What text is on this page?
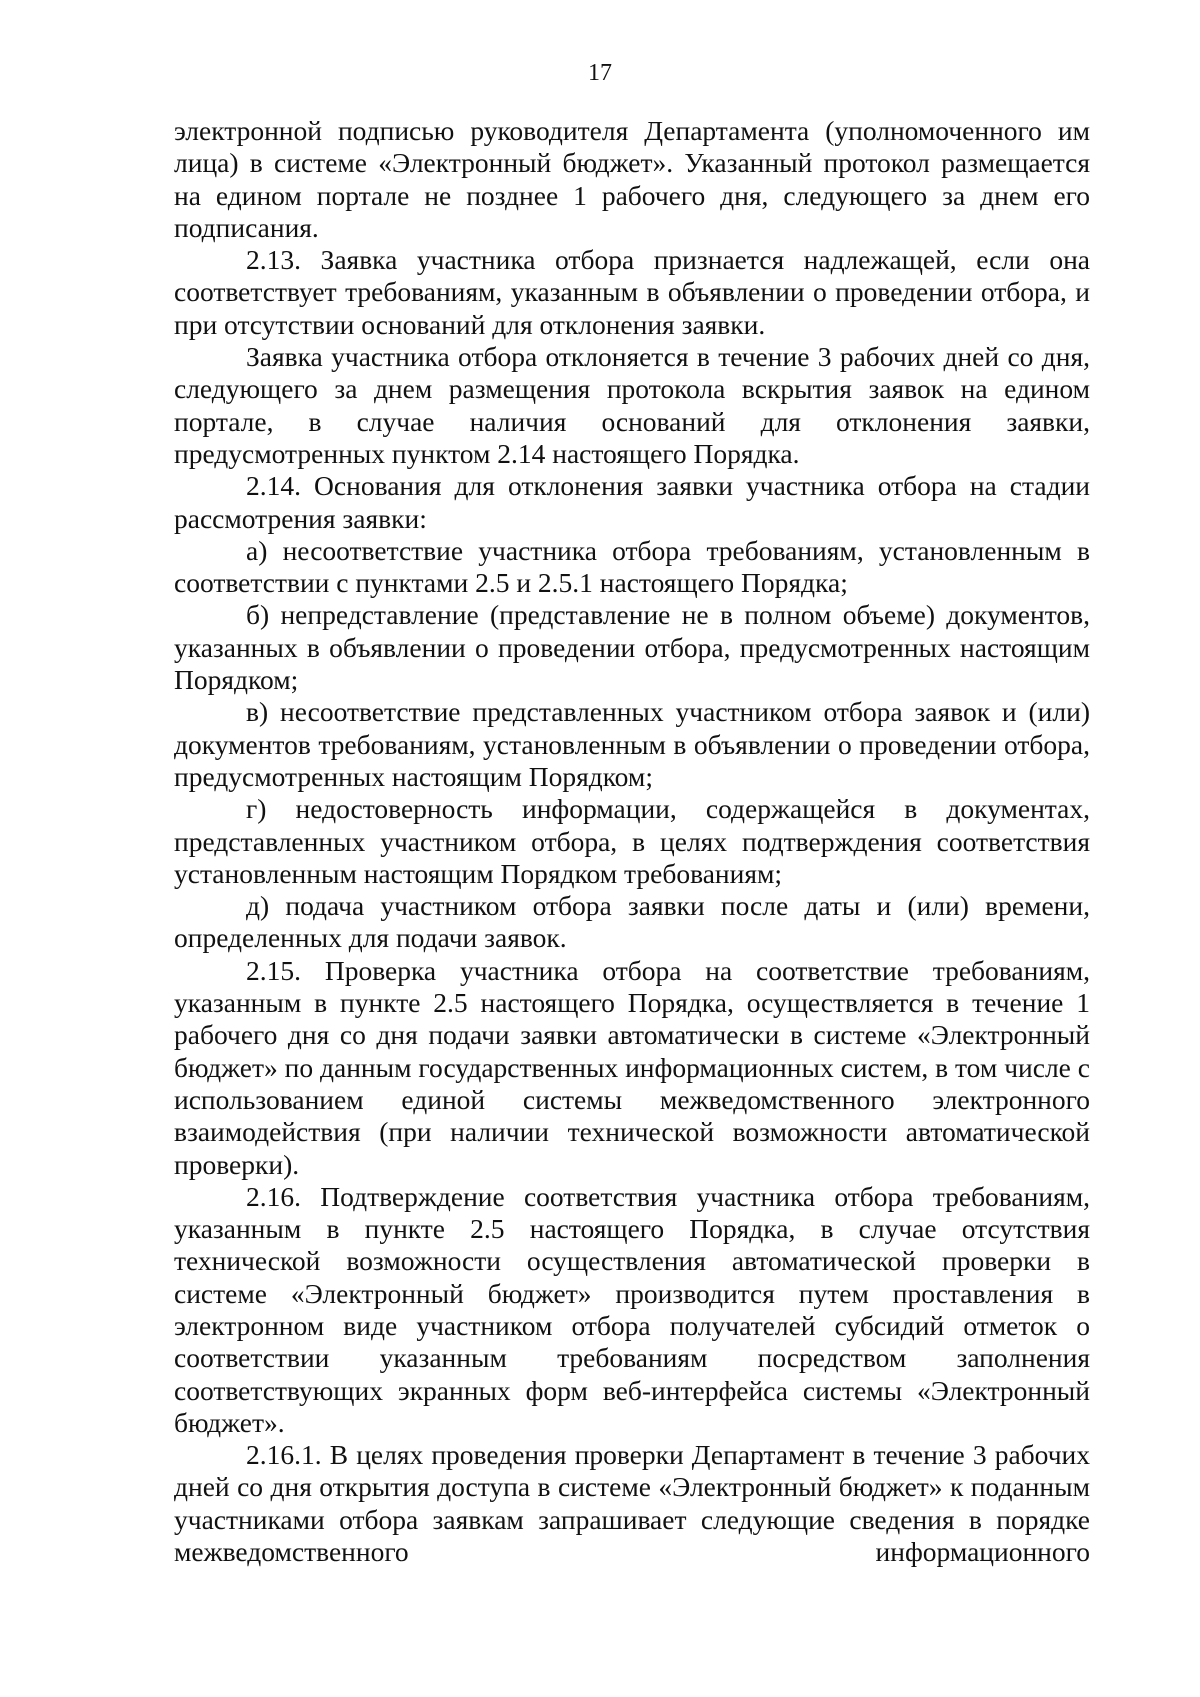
17

электронной подписью руководителя Департамента (уполномоченного им лица) в системе «Электронный бюджет». Указанный протокол размещается на едином портале не позднее 1 рабочего дня, следующего за днем его подписания.

2.13. Заявка участника отбора признается надлежащей, если она соответствует требованиям, указанным в объявлении о проведении отбора, и при отсутствии оснований для отклонения заявки.

Заявка участника отбора отклоняется в течение 3 рабочих дней со дня, следующего за днем размещения протокола вскрытия заявок на едином портале, в случае наличия оснований для отклонения заявки, предусмотренных пунктом 2.14 настоящего Порядка.

2.14. Основания для отклонения заявки участника отбора на стадии рассмотрения заявки:

а) несоответствие участника отбора требованиям, установленным в соответствии с пунктами 2.5 и 2.5.1 настоящего Порядка;

б) непредставление (представление не в полном объеме) документов, указанных в объявлении о проведении отбора, предусмотренных настоящим Порядком;

в) несоответствие представленных участником отбора заявок и (или) документов требованиям, установленным в объявлении о проведении отбора, предусмотренных настоящим Порядком;

г) недостоверность информации, содержащейся в документах, представленных участником отбора, в целях подтверждения соответствия установленным настоящим Порядком требованиям;

д) подача участником отбора заявки после даты и (или) времени, определенных для подачи заявок.

2.15. Проверка участника отбора на соответствие требованиям, указанным в пункте 2.5 настоящего Порядка, осуществляется в течение 1 рабочего дня со дня подачи заявки автоматически в системе «Электронный бюджет» по данным государственных информационных систем, в том числе с использованием единой системы межведомственного электронного взаимодействия (при наличии технической возможности автоматической проверки).

2.16. Подтверждение соответствия участника отбора требованиям, указанным в пункте 2.5 настоящего Порядка, в случае отсутствия технической возможности осуществления автоматической проверки в системе «Электронный бюджет» производится путем проставления в электронном виде участником отбора получателей субсидий отметок о соответствии указанным требованиям посредством заполнения соответствующих экранных форм веб-интерфейса системы «Электронный бюджет».

2.16.1. В целях проведения проверки Департамент в течение 3 рабочих дней со дня открытия доступа в системе «Электронный бюджет» к поданным участниками отбора заявкам запрашивает следующие сведения в порядке межведомственного информационного
